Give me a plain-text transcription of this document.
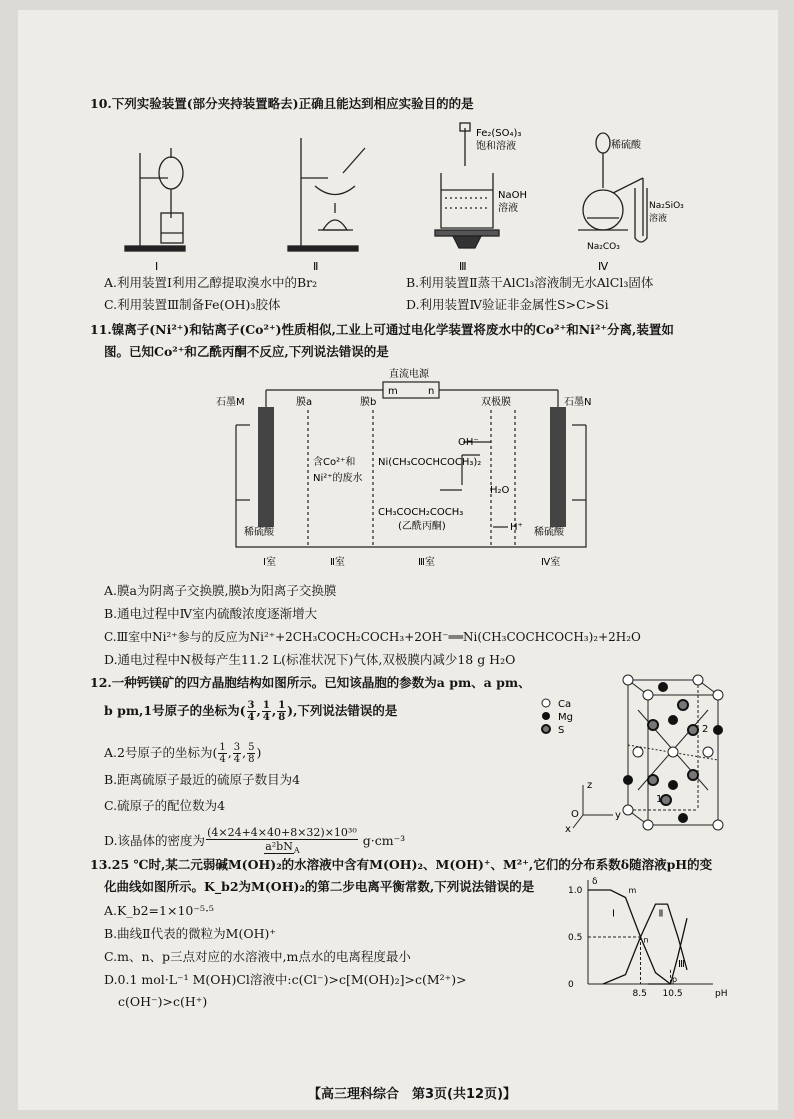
10.下列实验装置(部分夹持装置略去)正确且能达到相应实验目的的是
Ⅰ	Ⅱ
Fe₂(SO₄)₃
饱和溶液
NaOH
溶液
Ⅲ
稀硫酸
Na₂SiO₃
溶液
Na₂CO₃
Ⅳ
A.利用装置Ⅰ利用乙醇提取溴水中的Br₂	B.利用装置Ⅱ蒸干AlCl₃溶液制无水AlCl₃固体
C.利用装置Ⅲ制备Fe(OH)₃胶体	D.利用装置Ⅳ验证非金属性S>C>Si
11.镍离子(Ni²⁺)和钴离子(Co²⁺)性质相似,工业上可通过电化学装置将废水中的Co²⁺和Ni²⁺分离,装置如
图。已知Co²⁺和乙酰丙酮不反应,下列说法错误的是
直流电源
m	n
石墨M	石墨N
膜a	膜b	双极膜
含Co²⁺和
Ni²⁺的废水
Ni(CH₃COCHCOCH₃)₂
CH₃COCH₂COCH₃
(乙酰丙酮)
OH⁻
H₂O
H⁺
稀硫酸	稀硫酸
Ⅰ室	Ⅱ室	Ⅲ室	Ⅳ室
A.膜a为阴离子交换膜,膜b为阳离子交换膜
B.通电过程中Ⅳ室内硫酸浓度逐渐增大
C.Ⅲ室中Ni²⁺参与的反应为Ni²⁺+2CH₃COCH₂COCH₃+2OH⁻══Ni(CH₃COCHCOCH₃)₂+2H₂O
D.通电过程中N极每产生11.2 L(标准状况下)气体,双极膜内减少18 g H₂O
12.一种钙镁矿的四方晶胞结构如图所示。已知该晶胞的参数为a pm、a pm、
b pm,1号原子的坐标为( $\frac{3}{4}$ , $\frac{1}{4}$ , $\frac{1}{8}$ ),下列说法错误的是
A.2号原子的坐标为( $\frac{1}{4}$ , $\frac{3}{4}$ , $\frac{5}{8}$ )
B.距离硫原子最近的硫原子数目为4
C.硫原子的配位数为4
D.该晶体的密度为 $\frac{\text{(4×24+4×40+8×32)×10³⁰}}{a^2bN_A} g\cdot cm^{-3}$
2
1
Ca
Mg
S
z
O	y
x
13.25 ℃时,某二元弱碱M(OH)₂的水溶液中含有M(OH)₂、M(OH)⁺、M²⁺,它们的分布系数δ随溶液pH的变
化曲线如图所示。K_b2为M(OH)₂的第二步电离平衡常数,下列说法错误的是
A.K_b2=1×10⁻⁵·⁵
B.曲线Ⅱ代表的微粒为M(OH)⁺
C.m、n、p三点对应的水溶液中,m点水的电离程度最小
D.0.1 mol·L⁻¹ M(OH)Cl溶液中:c(Cl⁻)>c[M(OH)₂]>c(M²⁺)>
c(OH⁻)>c(H⁺)	pH
δ
0
0.5
1.0
8.5 10.5
Ⅰ	Ⅱ
Ⅲ
m
n
p
【高三理科综合　第3页(共12页)】
